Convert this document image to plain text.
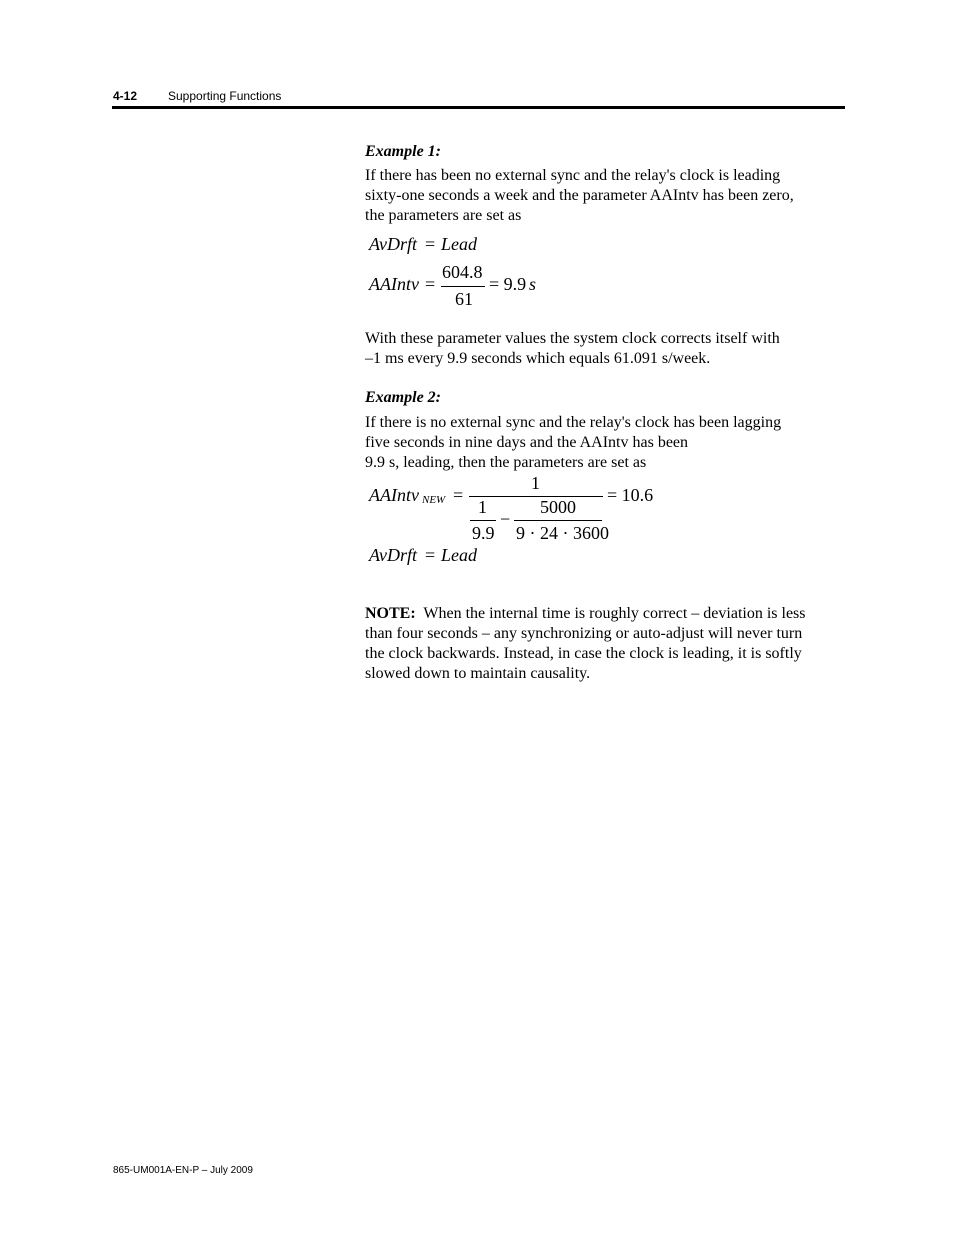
4-12	Supporting Functions

Example 1:

If there has been no external sync and the relay's clock is leading

sixty-one seconds a week and the parameter AAIntv has been zero,

the parameters are set as

AvDrft = Lead
AAIntv =
604.8
61
= 9.9 s

With these parameter values the system clock corrects itself with

–1 ms every 9.9 seconds which equals 61.091 s/week.

Example 2:

If there is no external sync and the relay's clock has been lagging

five seconds in nine days and the AAIntv has been

9.9 s, leading, then the parameters are set as

AAIntv NEW =
1
1
9.9
−
5000
9 · 24 · 3600
= 10.6
AvDrft = Lead

NOTE: When the internal time is roughly correct – deviation is less

than four seconds – any synchronizing or auto-adjust will never turn

the clock backwards. Instead, in case the clock is leading, it is softly

slowed down to maintain causality.

865-UM001A-EN-P – July 2009
